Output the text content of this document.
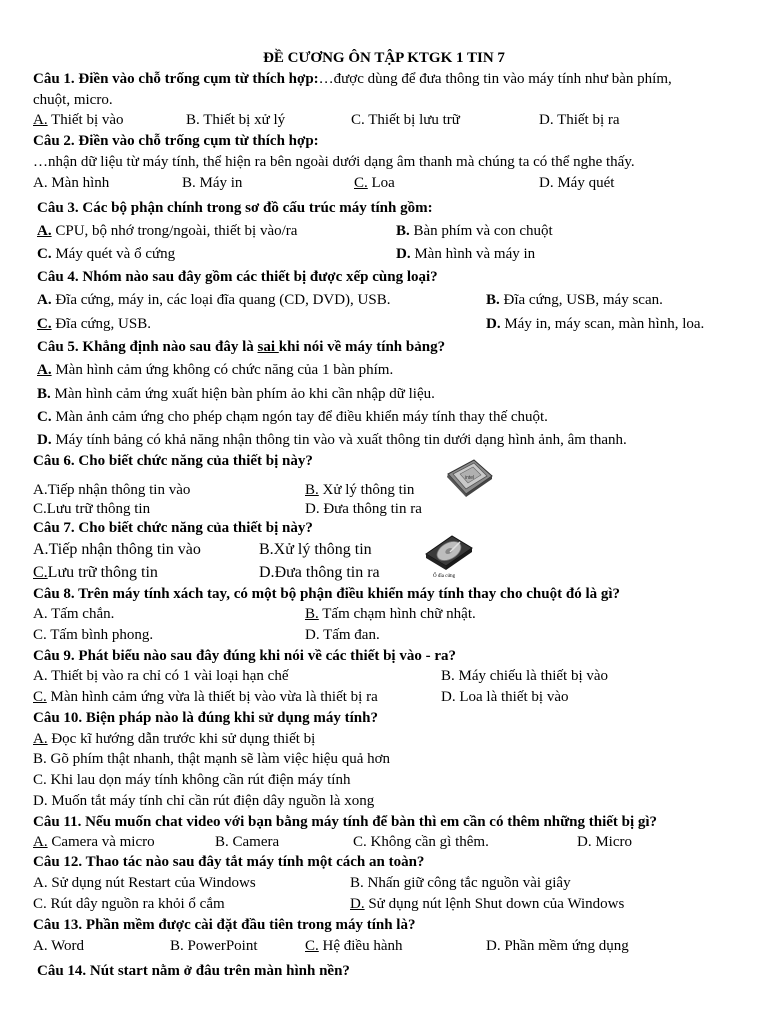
ĐỀ CƯƠNG ÔN TẬP KTGK 1 TIN 7
Câu 1. Điền vào chỗ trống cụm từ thích hợp:…được dùng để đưa thông tin vào máy tính như bàn phím,
chuột, micro.
A. Thiết bị vào	B. Thiết bị xử lý	C. Thiết bị lưu trữ	D. Thiết bị ra
Câu 2. Điền vào chỗ trống cụm từ thích hợp:
…nhận dữ liệu từ máy tính, thể hiện ra bên ngoài dưới dạng âm thanh mà chúng ta có thể nghe thấy.
A. Màn hình	B. Máy in	C. Loa	D. Máy quét
Câu 3. Các bộ phận chính trong sơ đồ cấu trúc máy tính gồm:
A. CPU, bộ nhớ trong/ngoài, thiết bị vào/ra	B. Bàn phím và con chuột
C. Máy quét và ổ cứng	D. Màn hình và máy in
Câu 4. Nhóm nào sau đây gồm các thiết bị được xếp cùng loại?
A. Đĩa cứng, máy in, các loại đĩa quang (CD, DVD), USB.	B. Đĩa cứng, USB, máy scan.
C. Đĩa cứng, USB.	D. Máy in, máy scan, màn hình, loa.
Câu 5. Khẳng định nào sau đây là sai khi nói về máy tính bảng?
A. Màn hình cảm ứng không có chức năng của 1 bàn phím.
B. Màn hình cảm ứng xuất hiện bàn phím ảo khi cần nhập dữ liệu.
C. Màn ảnh cảm ứng cho phép chạm ngón tay để điều khiển máy tính thay thế chuột.
D. Máy tính bảng có khả năng nhận thông tin vào và xuất thông tin dưới dạng hình ảnh, âm thanh.
Câu 6. Cho biết chức năng của thiết bị này?
A.Tiếp nhận thông tin vào	B. Xử lý thông tin
C.Lưu trữ thông tin	D. Đưa thông tin ra
intel
Câu 7. Cho biết chức năng của thiết bị này?
A.Tiếp nhận thông tin vào	B.Xử lý thông tin
C.Lưu trữ thông tin	D.Đưa thông tin ra	Ổ đĩa cứng
Câu 8. Trên máy tính xách tay, có một bộ phận điều khiển máy tính thay cho chuột đó là gì?
A. Tấm chắn.	B. Tấm chạm hình chữ nhật.
C. Tấm bình phong.	D. Tấm đan.
Câu 9. Phát biểu nào sau đây đúng khi nói về các thiết bị vào - ra?
A. Thiết bị vào ra chỉ có 1 vài loại hạn chế	B. Máy chiếu là thiết bị vào
C. Màn hình cảm ứng vừa là thiết bị vào vừa là thiết bị ra	D. Loa là thiết bị vào
Câu 10. Biện pháp nào là đúng khi sử dụng máy tính?
A. Đọc kĩ hướng dẫn trước khi sử dụng thiết bị
B. Gõ phím thật nhanh, thật mạnh sẽ làm việc hiệu quả hơn
C. Khi lau dọn máy tính không cần rút điện máy tính
D. Muốn tắt máy tính chỉ cần rút điện dây nguồn là xong
Câu 11. Nếu muốn chat video với bạn bằng máy tính để bàn thì em cần có thêm những thiết bị gì?
A. Camera và micro	B. Camera	C. Không cần gì thêm.	D. Micro
Câu 12. Thao tác nào sau đây tắt máy tính một cách an toàn?
A. Sử dụng nút Restart của Windows	B. Nhấn giữ công tắc nguồn vài giây
C. Rút dây nguồn ra khỏi ổ cắm	D. Sử dụng nút lệnh Shut down của Windows
Câu 13. Phần mềm được cài đặt đầu tiên trong máy tính là?
A. Word	B. PowerPoint	C. Hệ điều hành	D. Phần mềm ứng dụng
Câu 14. Nút start nằm ở đâu trên màn hình nền?
